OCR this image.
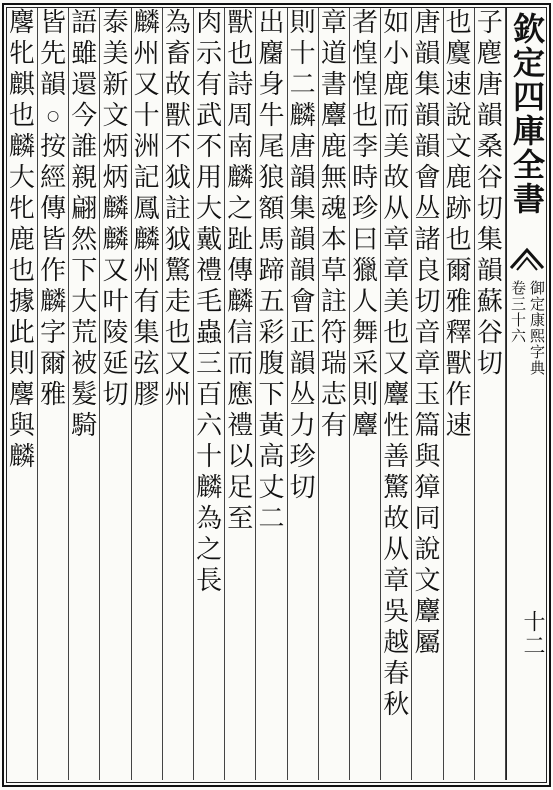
欽定四庫全書
御定康熙字典
卷三十六
十二
子
麀
唐
韻
桑
谷
切
集
韻
蘇
谷
切
也
麌
速
說
文
鹿
跡
也
爾
雅
釋
獸
作
速
唐
韻
集
韻
韻
會
丛
諸
良
切
音
章
玉
篇
與
獐
同
說
文
麞
屬
如
小
鹿
而
美
故
从
章
章
美
也
又
麞
性
善
驚
故
从
章
吳
越
春
秋
者
惶
惶
也
李
時
珍
曰
獵
人
舞
采
則
麞
章
道
書
麞
鹿
無
魂
本
草
註
符
瑞
志
有
則
十
二
麟
唐
韻
集
韻
韻
會
正
韻
丛
力
珍
切
出
麕
身
牛
尾
狼
額
馬
蹄
五
彩
腹
下
黃
高
丈
二
獸
也
詩
周
南
麟
之
趾
傳
麟
信
而
應
禮
以
足
至
肉
示
有
武
不
用
大
戴
禮
毛
蟲
三
百
六
十
麟
為
之
長
為
畜
故
獸
不
狘
註
狘
驚
走
也
又
州
麟
州
又
十
洲
記
鳳
麟
州
有
集
弦
膠
泰
美
新
文
炳
炳
麟
麟
又
叶
陵
延
切
語
雖
還
今
誰
親
翩
然
下
大
荒
被
髮
騎
皆
先
韻
○
按
經
傳
皆
作
麟
字
爾
雅
麐
牝
麒
也
麟
大
牝
鹿
也
據
此
則
麐
與
麟
